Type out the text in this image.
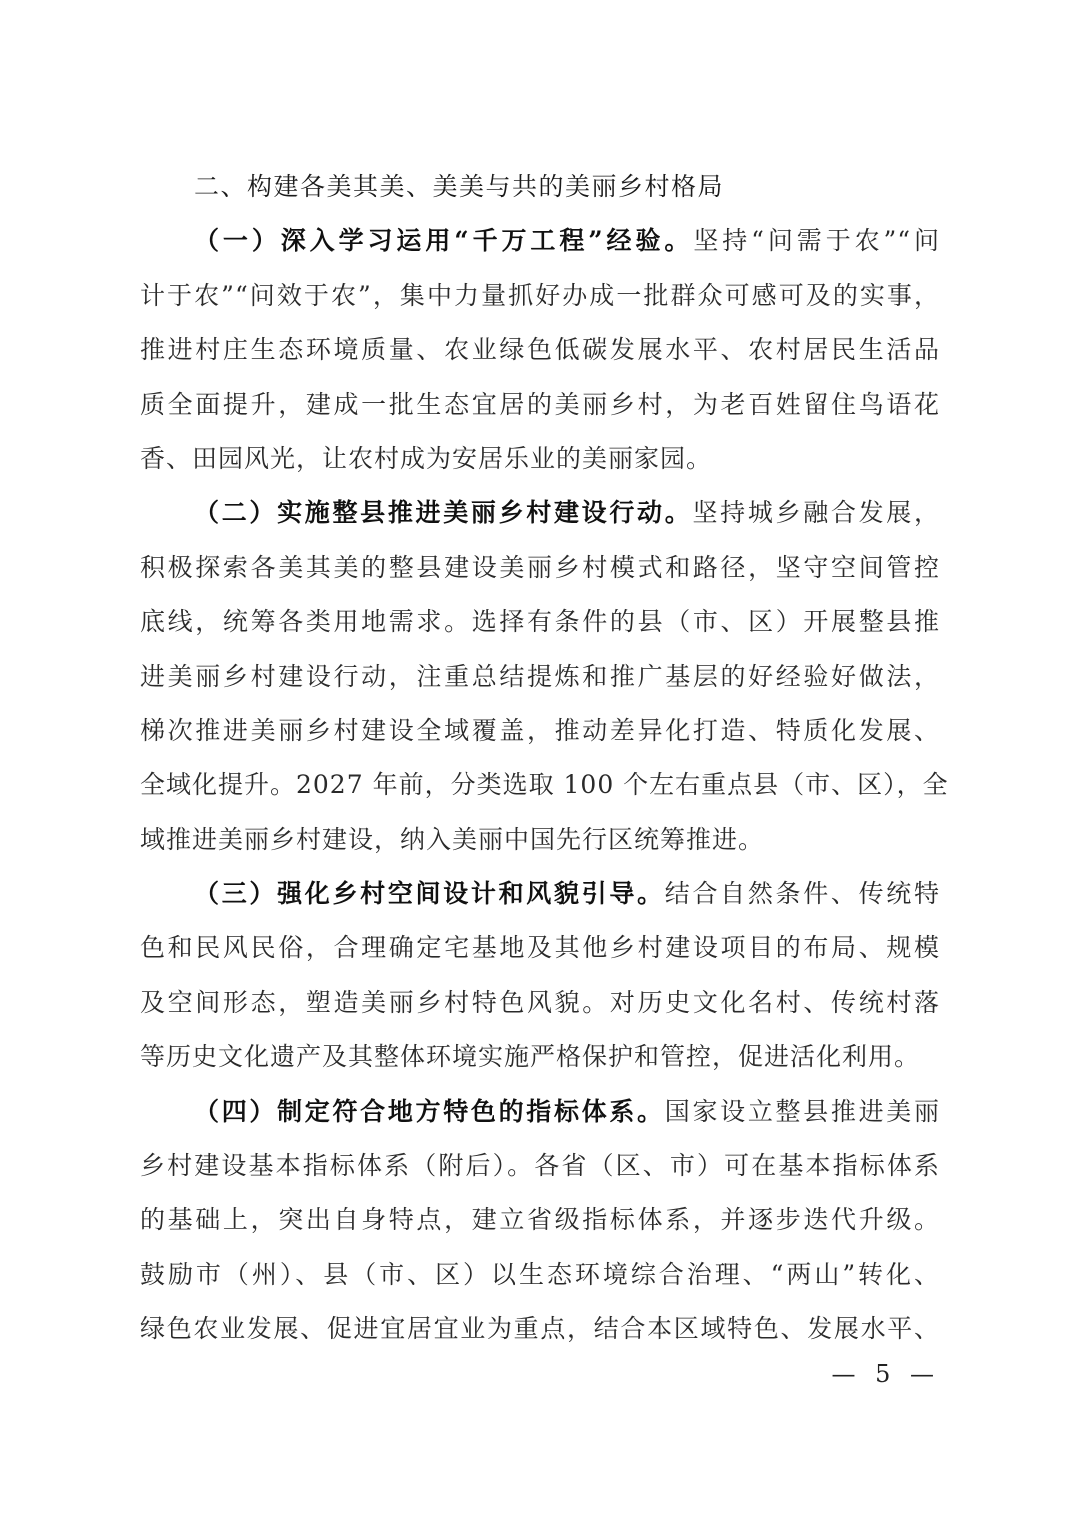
二、构建各美其美、美美与共的美丽乡村格局
（一）深入学习运用“千万工程”经验。坚持“问需于农”“问
计于农”“问效于农”，集中力量抓好办成一批群众可感可及的实事，
推进村庄生态环境质量、农业绿色低碳发展水平、农村居民生活品
质全面提升，建成一批生态宜居的美丽乡村，为老百姓留住鸟语花
香、田园风光，让农村成为安居乐业的美丽家园。
（二）实施整县推进美丽乡村建设行动。坚持城乡融合发展，
积极探索各美其美的整县建设美丽乡村模式和路径，坚守空间管控
底线，统筹各类用地需求。选择有条件的县（市、区）开展整县推
进美丽乡村建设行动，注重总结提炼和推广基层的好经验好做法，
梯次推进美丽乡村建设全域覆盖，推动差异化打造、特质化发展、
全域化提升。2027 年前，分类选取 100 个左右重点县（市、区），全
域推进美丽乡村建设，纳入美丽中国先行区统筹推进。
（三）强化乡村空间设计和风貌引导。结合自然条件、传统特
色和民风民俗，合理确定宅基地及其他乡村建设项目的布局、规模
及空间形态，塑造美丽乡村特色风貌。对历史文化名村、传统村落
等历史文化遗产及其整体环境实施严格保护和管控，促进活化利用。
（四）制定符合地方特色的指标体系。国家设立整县推进美丽
乡村建设基本指标体系（附后）。各省（区、市）可在基本指标体系
的基础上，突出自身特点，建立省级指标体系，并逐步迭代升级。
鼓励市（州）、县（市、区）以生态环境综合治理、“两山”转化、
绿色农业发展、促进宜居宜业为重点，结合本区域特色、发展水平、
— 5 —
